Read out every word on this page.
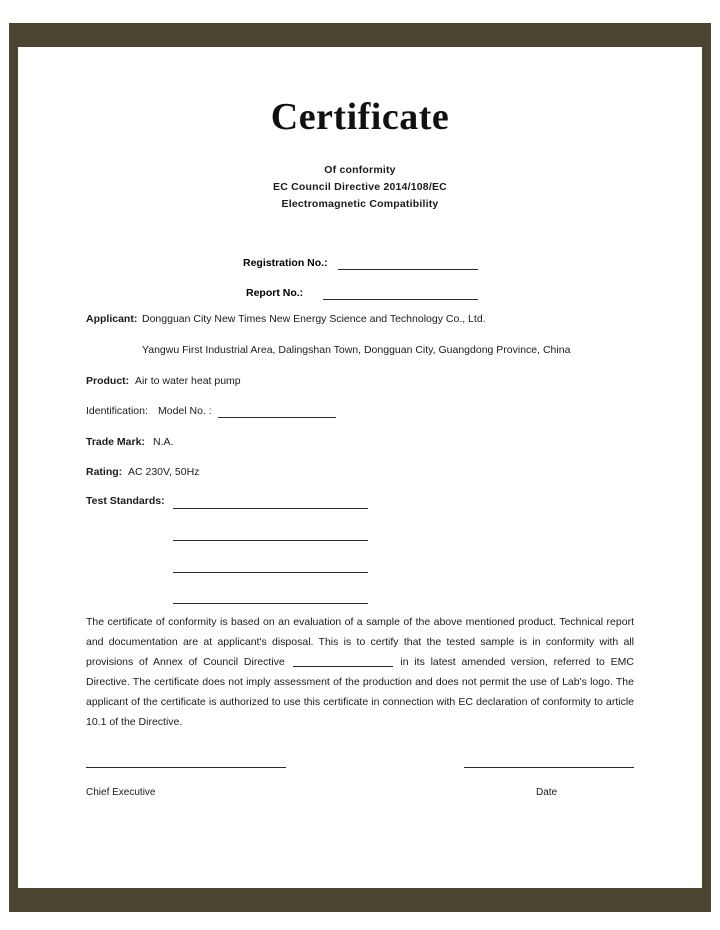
Certificate
Of conformity
EC Council Directive 2014/108/EC
Electromagnetic Compatibility
Registration No.:
Report No.:
Applicant: Dongguan City New Times New Energy Science and Technology Co., Ltd.
Yangwu First Industrial Area, Dalingshan Town, Dongguan City, Guangdong Province, China
Product: Air to water heat pump
Identification: Model No. :
Trade Mark: N.A.
Rating: AC 230V, 50Hz
Test Standards:
The certificate of conformity is based on an evaluation of a sample of the above mentioned product. Technical report and documentation are at applicant's disposal. This is to certify that the tested sample is in conformity with all provisions of Annex of Council Directive	in its latest amended version, referred to EMC Directive. The certificate does not imply assessment of the production and does not permit the use of Lab's logo. The applicant of the certificate is authorized to use this certificate in connection with EC declaration of conformity to article 10.1 of the Directive.
Chief Executive	Date
